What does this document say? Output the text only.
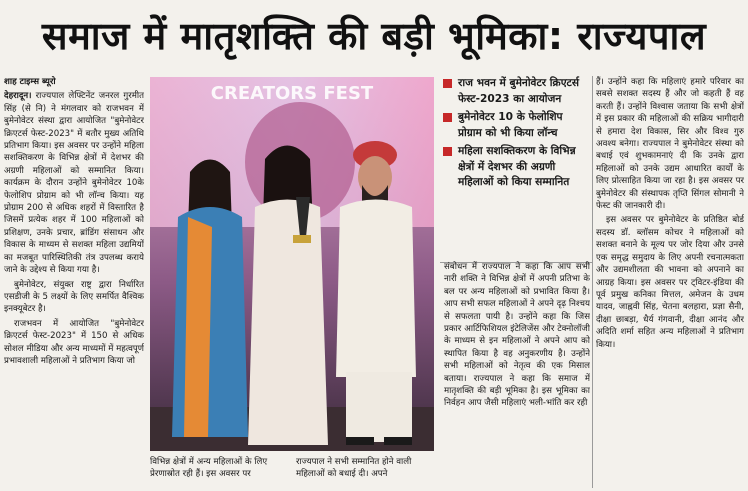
समाज में मातृशक्ति की बड़ी भूमिका: राज्यपाल

शाह टाइम्स ब्यूरो

देहरादून। राज्यपाल लेफ्टिनेंट जनरल गुरमीत सिंह (से नि) ने मंगलवार को राजभवन में बुमेनोवेटर संस्था द्वारा आयोजित "बुमेनोवेटर क्रिएटर्स फेस्ट-2023" में बतौर मुख्य अतिथि प्रतिभाग किया। इस अवसर पर उन्होंने महिला सशक्तिकरण के विभिन्न क्षेत्रों में देशभर की अग्रणी महिलाओं को सम्मानित किया। कार्यक्रम के दौरान उन्होंने बुमेनोवेटर 10के फेलोशिप प्रोग्राम को भी लॉन्च किया। यह प्रोग्राम 200 से अधिक शहरों में विस्तारित है जिसमें प्रत्येक शहर में 100 महिलाओं को प्रशिक्षण, उनके प्रचार, ब्रांडिंग संसाधन और विकास के माध्यम से सशक्त महिला उद्यमियों का मजबूत पारिस्थितिकी तंत्र उपलब्ध कराये जाने के उद्देश्य से किया गया है।

बुमेनोवेटर, संयुक्त राष्ट्र द्वारा निर्धारित एसडीजी के 5 लक्ष्यों के लिए समर्पित वैश्विक इनक्यूबेटर है।

राजभवन में आयोजित "बुमेनोवेटर क्रिएटर्स फेस्ट-2023" में 150 से अधिक सोशल मीडिया और अन्य माध्यमों में महत्वपूर्ण प्रभावशाली महिलाओं ने प्रतिभाग किया जो

CREATORS FEST
विभिन्न क्षेत्रों में अन्य महिलाओं के लिए प्रेरणास्रोत रही हैं। इस अवसर पर
राज्यपाल ने सभी सम्मानित होने वाली महिलाओं को बधाई दी। अपने
राज भवन में बुमेनोवेटर क्रिएटर्स फेस्ट-2023 का आयोजन
बुमेनोवेटर 10 के फेलोशिप प्रोग्राम को भी किया लॉन्च
महिला सशक्तिकरण के विभिन्न क्षेत्रों में देशभर की अग्रणी महिलाओं को किया सम्मानित

संबोधन में राज्यपाल ने कहा कि आप सभी नारी शक्ति ने विभिन्न क्षेत्रों में अपनी प्रतिभा के बल पर अन्य महिलाओं को प्रभावित किया है। आप सभी सफल महिलाओं ने अपने दृढ़ निश्चय से सफलता पायी है। उन्होंने कहा कि जिस प्रकार आर्टिफिशियल इंटेलिजेंस और टेक्नोलॉजी के माध्यम से इन महिलाओं ने अपने आप को स्थापित किया है वह अनुकरणीय है। उन्होंने सभी महिलाओं को नेतृत्व की एक मिसाल बताया। राज्यपाल ने कहा कि समाज में मातृशक्ति की बड़ी भूमिका है। इस भूमिका का निर्वहन आप जैसी महिलाएं भली-भांति कर रही

हैं। उन्होंने कहा कि महिलाएं हमारे परिवार का सबसे सशक्त सदस्य हैं और जो कहती हैं वह करती हैं। उन्होंने विश्वास जताया कि सभी क्षेत्रों में इस प्रकार की महिलाओं की सक्रिय भागीदारी से हमारा देश विकास, सिर और विश्व गुरु अवश्य बनेगा। राज्यपाल ने बुमेनोवेटर संस्था को बधाई एवं शुभकामनाएं दी कि उनके द्वारा महिलाओं को उनके उद्यम आधारित कार्यों के लिए प्रोत्साहित किया जा रहा है। इस अवसर पर बुमेनोवेटर की संस्थापक तृप्ति सिंगल सोमानी ने फेस्ट की जानकारी दी।

इस अवसर पर बुमेनोवेटर के प्रतिष्ठित बोर्ड सदस्य डॉ. ब्लॉसम कोचर ने महिलाओं को सशक्त बनाने के मूल्य पर जोर दिया और उनसे एक समृद्ध समुदाय के लिए अपनी रचनात्मकता और उद्यमशीलता की भावना को अपनाने का आग्रह किया। इस अवसर पर ट्विटर-इंडिया की पूर्व प्रमुख कनिका मित्तल, अमेजन के उधम यादव, जाह्नवी सिंह, चेतना बलहारा, प्रज्ञा सैनी, दीक्षा छाबड़ा, धैर्य गंगवानी, दीक्षा आनंद और अदिति शर्मा सहित अन्य महिलाओं ने प्रतिभाग किया।
